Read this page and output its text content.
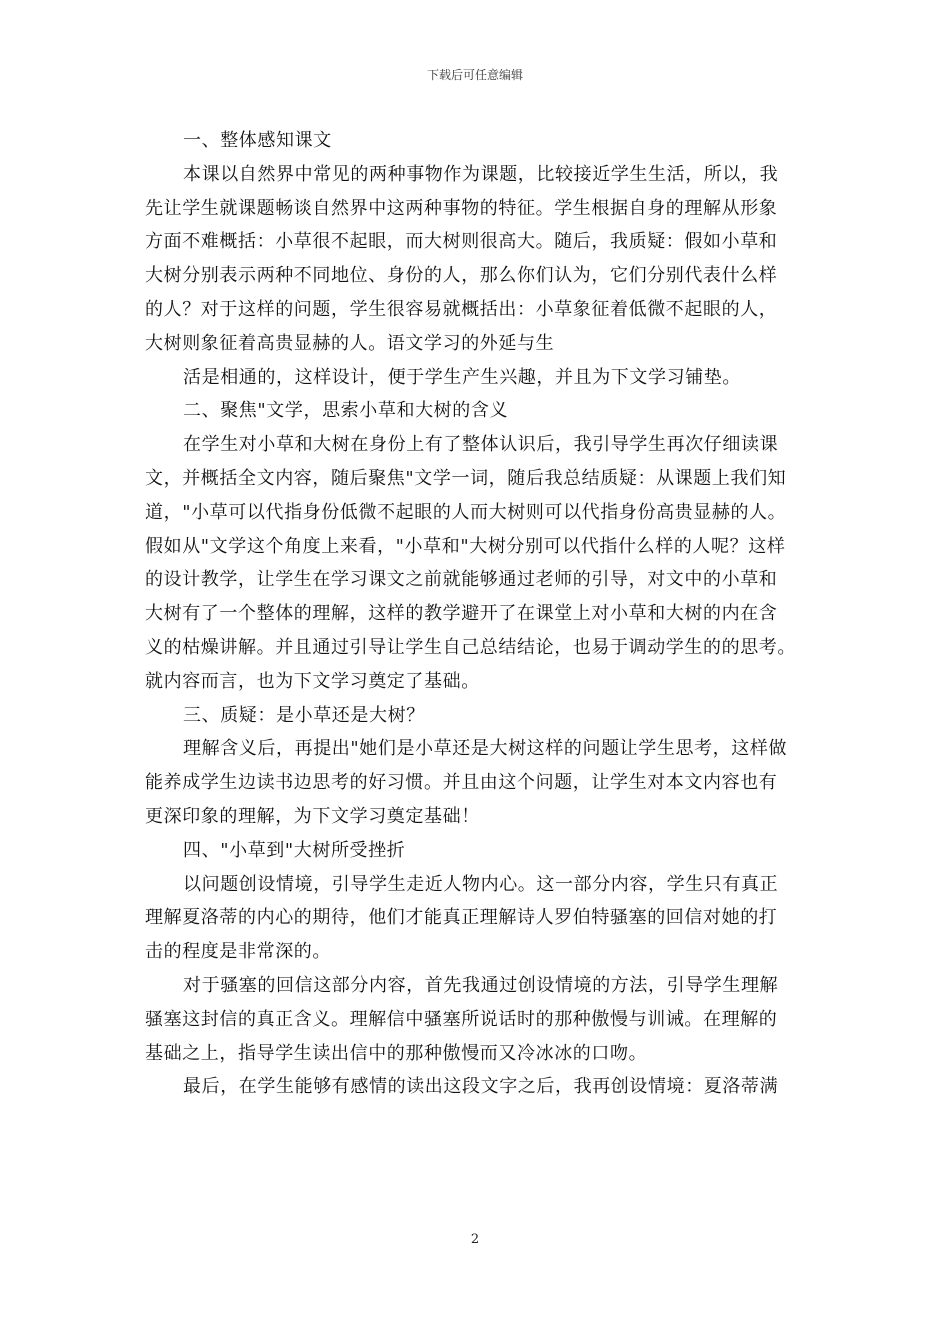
下载后可任意编辑
一、整体感知课文
本课以自然界中常见的两种事物作为课题，比较接近学生生活，所以，我
先让学生就课题畅谈自然界中这两种事物的特征。学生根据自身的理解从形象
方面不难概括：小草很不起眼，而大树则很高大。随后，我质疑：假如小草和
大树分别表示两种不同地位、身份的人，那么你们认为，它们分别代表什么样
的人？对于这样的问题，学生很容易就概括出：小草象征着低微不起眼的人，
大树则象征着高贵显赫的人。语文学习的外延与生
活是相通的，这样设计，便于学生产生兴趣，并且为下文学习铺垫。
二、聚焦"文学，思索小草和大树的含义
在学生对小草和大树在身份上有了整体认识后，我引导学生再次仔细读课
文，并概括全文内容，随后聚焦"文学一词，随后我总结质疑：从课题上我们知
道，"小草可以代指身份低微不起眼的人而大树则可以代指身份高贵显赫的人。
假如从"文学这个角度上来看，"小草和"大树分别可以代指什么样的人呢？这样
的设计教学，让学生在学习课文之前就能够通过老师的引导，对文中的小草和
大树有了一个整体的理解，这样的教学避开了在课堂上对小草和大树的内在含
义的枯燥讲解。并且通过引导让学生自己总结结论，也易于调动学生的的思考。
就内容而言，也为下文学习奠定了基础。
三、质疑：是小草还是大树？
理解含义后，再提出"她们是小草还是大树这样的问题让学生思考，这样做
能养成学生边读书边思考的好习惯。并且由这个问题，让学生对本文内容也有
更深印象的理解，为下文学习奠定基础！
四、"小草到"大树所受挫折
以问题创设情境，引导学生走近人物内心。这一部分内容，学生只有真正
理解夏洛蒂的内心的期待，他们才能真正理解诗人罗伯特骚塞的回信对她的打
击的程度是非常深的。
对于骚塞的回信这部分内容，首先我通过创设情境的方法，引导学生理解
骚塞这封信的真正含义。理解信中骚塞所说话时的那种傲慢与训诫。在理解的
基础之上，指导学生读出信中的那种傲慢而又冷冰冰的口吻。
最后，在学生能够有感情的读出这段文字之后，我再创设情境：夏洛蒂满
2
